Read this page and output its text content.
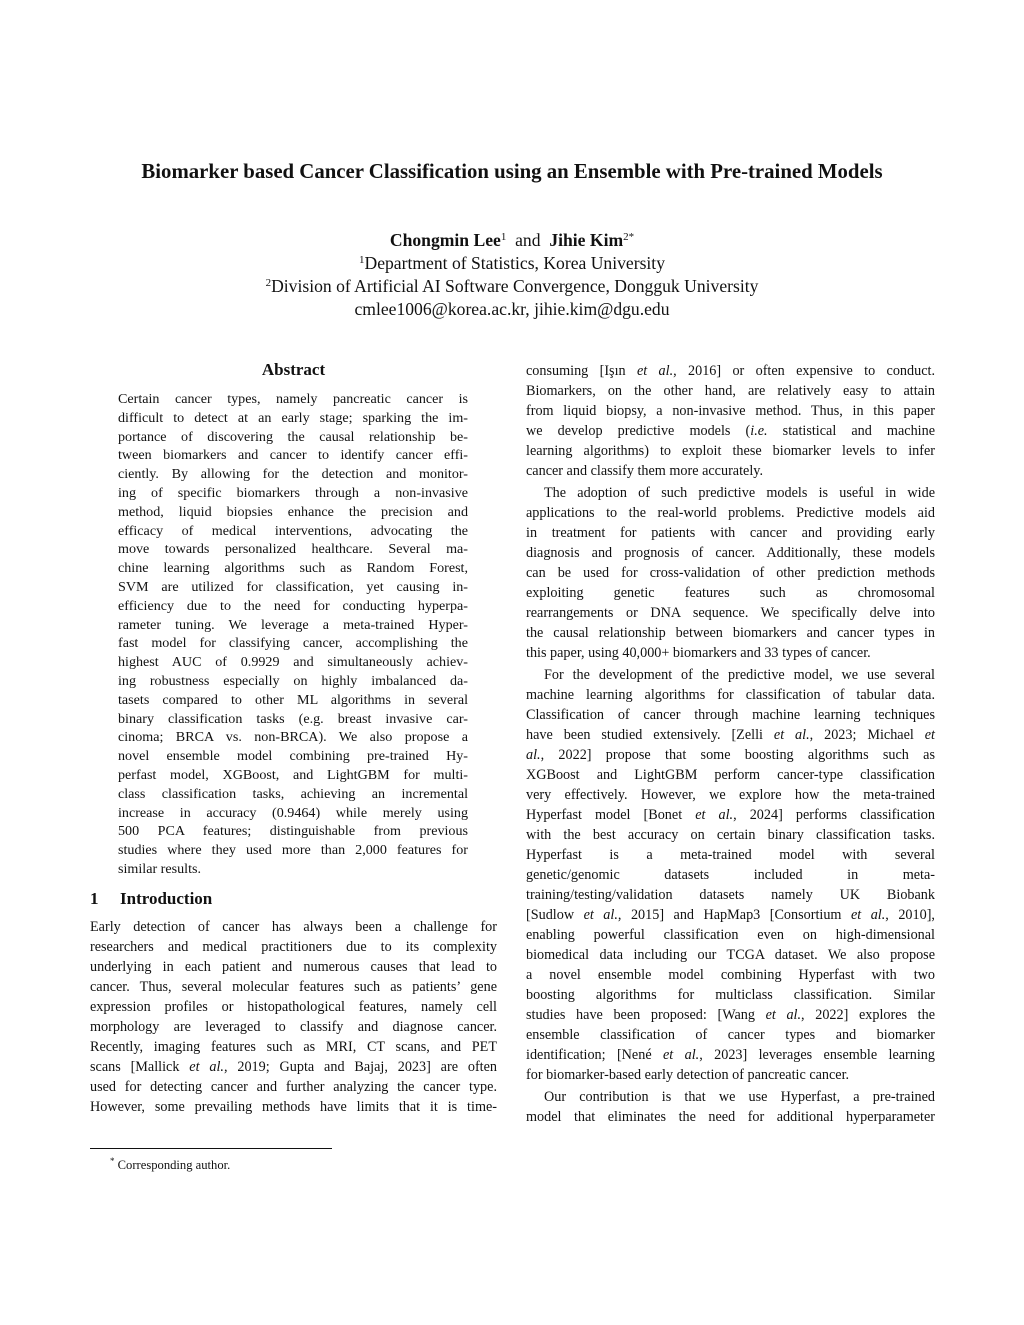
Biomarker based Cancer Classification using an Ensemble with Pre-trained Models
Chongmin Lee$^1$ and Jihie Kim$^{2*}$
$^1$Department of Statistics, Korea University
$^2$Division of Artificial AI Software Convergence, Dongguk University
cmlee1006@korea.ac.kr, jihie.kim@dgu.edu
Abstract
Certain cancer types, namely pancreatic cancer is
difficult to detect at an early stage; sparking the im-
portance of discovering the causal relationship be-
tween biomarkers and cancer to identify cancer effi-
ciently. By allowing for the detection and monitor-
ing of specific biomarkers through a non-invasive
method, liquid biopsies enhance the precision and
efficacy of medical interventions, advocating the
move towards personalized healthcare. Several ma-
chine learning algorithms such as Random Forest,
SVM are utilized for classification, yet causing in-
efficiency due to the need for conducting hyperpa-
rameter tuning. We leverage a meta-trained Hyper-
fast model for classifying cancer, accomplishing the
highest AUC of 0.9929 and simultaneously achiev-
ing robustness especially on highly imbalanced da-
tasets compared to other ML algorithms in several
binary classification tasks (e.g. breast invasive car-
cinoma; BRCA vs. non-BRCA). We also propose a
novel ensemble model combining pre-trained Hy-
perfast model, XGBoost, and LightGBM for multi-
class classification tasks, achieving an incremental
increase in accuracy (0.9464) while merely using
500 PCA features; distinguishable from previous
studies where they used more than 2,000 features for
similar results.
1 Introduction
Early detection of cancer has always been a challenge for
researchers and medical practitioners due to its complexity
underlying in each patient and numerous causes that lead to
cancer. Thus, several molecular features such as patients’ gene
expression profiles or histopathological features, namely cell
morphology are leveraged to classify and diagnose cancer.
Recently, imaging features such as MRI, CT scans, and PET
scans [Mallick et al., 2019; Gupta and Bajaj, 2023] are often
used for detecting cancer and further analyzing the cancer type.
However, some prevailing methods have limits that it is time-
consuming [Işın et al., 2016] or often expensive to conduct.
Biomarkers, on the other hand, are relatively easy to attain
from liquid biopsy, a non-invasive method. Thus, in this paper
we develop predictive models (i.e. statistical and machine
learning algorithms) to exploit these biomarker levels to infer
cancer and classify them more accurately.
The adoption of such predictive models is useful in wide
applications to the real-world problems. Predictive models aid
in treatment for patients with cancer and providing early
diagnosis and prognosis of cancer. Additionally, these models
can be used for cross-validation of other prediction methods
exploiting genetic features such as chromosomal
rearrangements or DNA sequence. We specifically delve into
the causal relationship between biomarkers and cancer types in
this paper, using 40,000+ biomarkers and 33 types of cancer.
For the development of the predictive model, we use several
machine learning algorithms for classification of tabular data.
Classification of cancer through machine learning techniques
have been studied extensively. [Zelli et al., 2023; Michael et
al., 2022] propose that some boosting algorithms such as
XGBoost and LightGBM perform cancer-type classification
very effectively. However, we explore how the meta-trained
Hyperfast model [Bonet et al., 2024] performs classification
with the best accuracy on certain binary classification tasks.
Hyperfast is a meta-trained model with several
genetic/genomic datasets included in meta-
training/testing/validation datasets namely UK Biobank
[Sudlow et al., 2015] and HapMap3 [Consortium et al., 2010],
enabling powerful classification even on high-dimensional
biomedical data including our TCGA dataset. We also propose
a novel ensemble model combining Hyperfast with two
boosting algorithms for multiclass classification. Similar
studies have been proposed: [Wang et al., 2022] explores the
ensemble classification of cancer types and biomarker
identification; [Nené et al., 2023] leverages ensemble learning
for biomarker-based early detection of pancreatic cancer.
Our contribution is that we use Hyperfast, a pre-trained
model that eliminates the need for additional hyperparameter
* Corresponding author.
